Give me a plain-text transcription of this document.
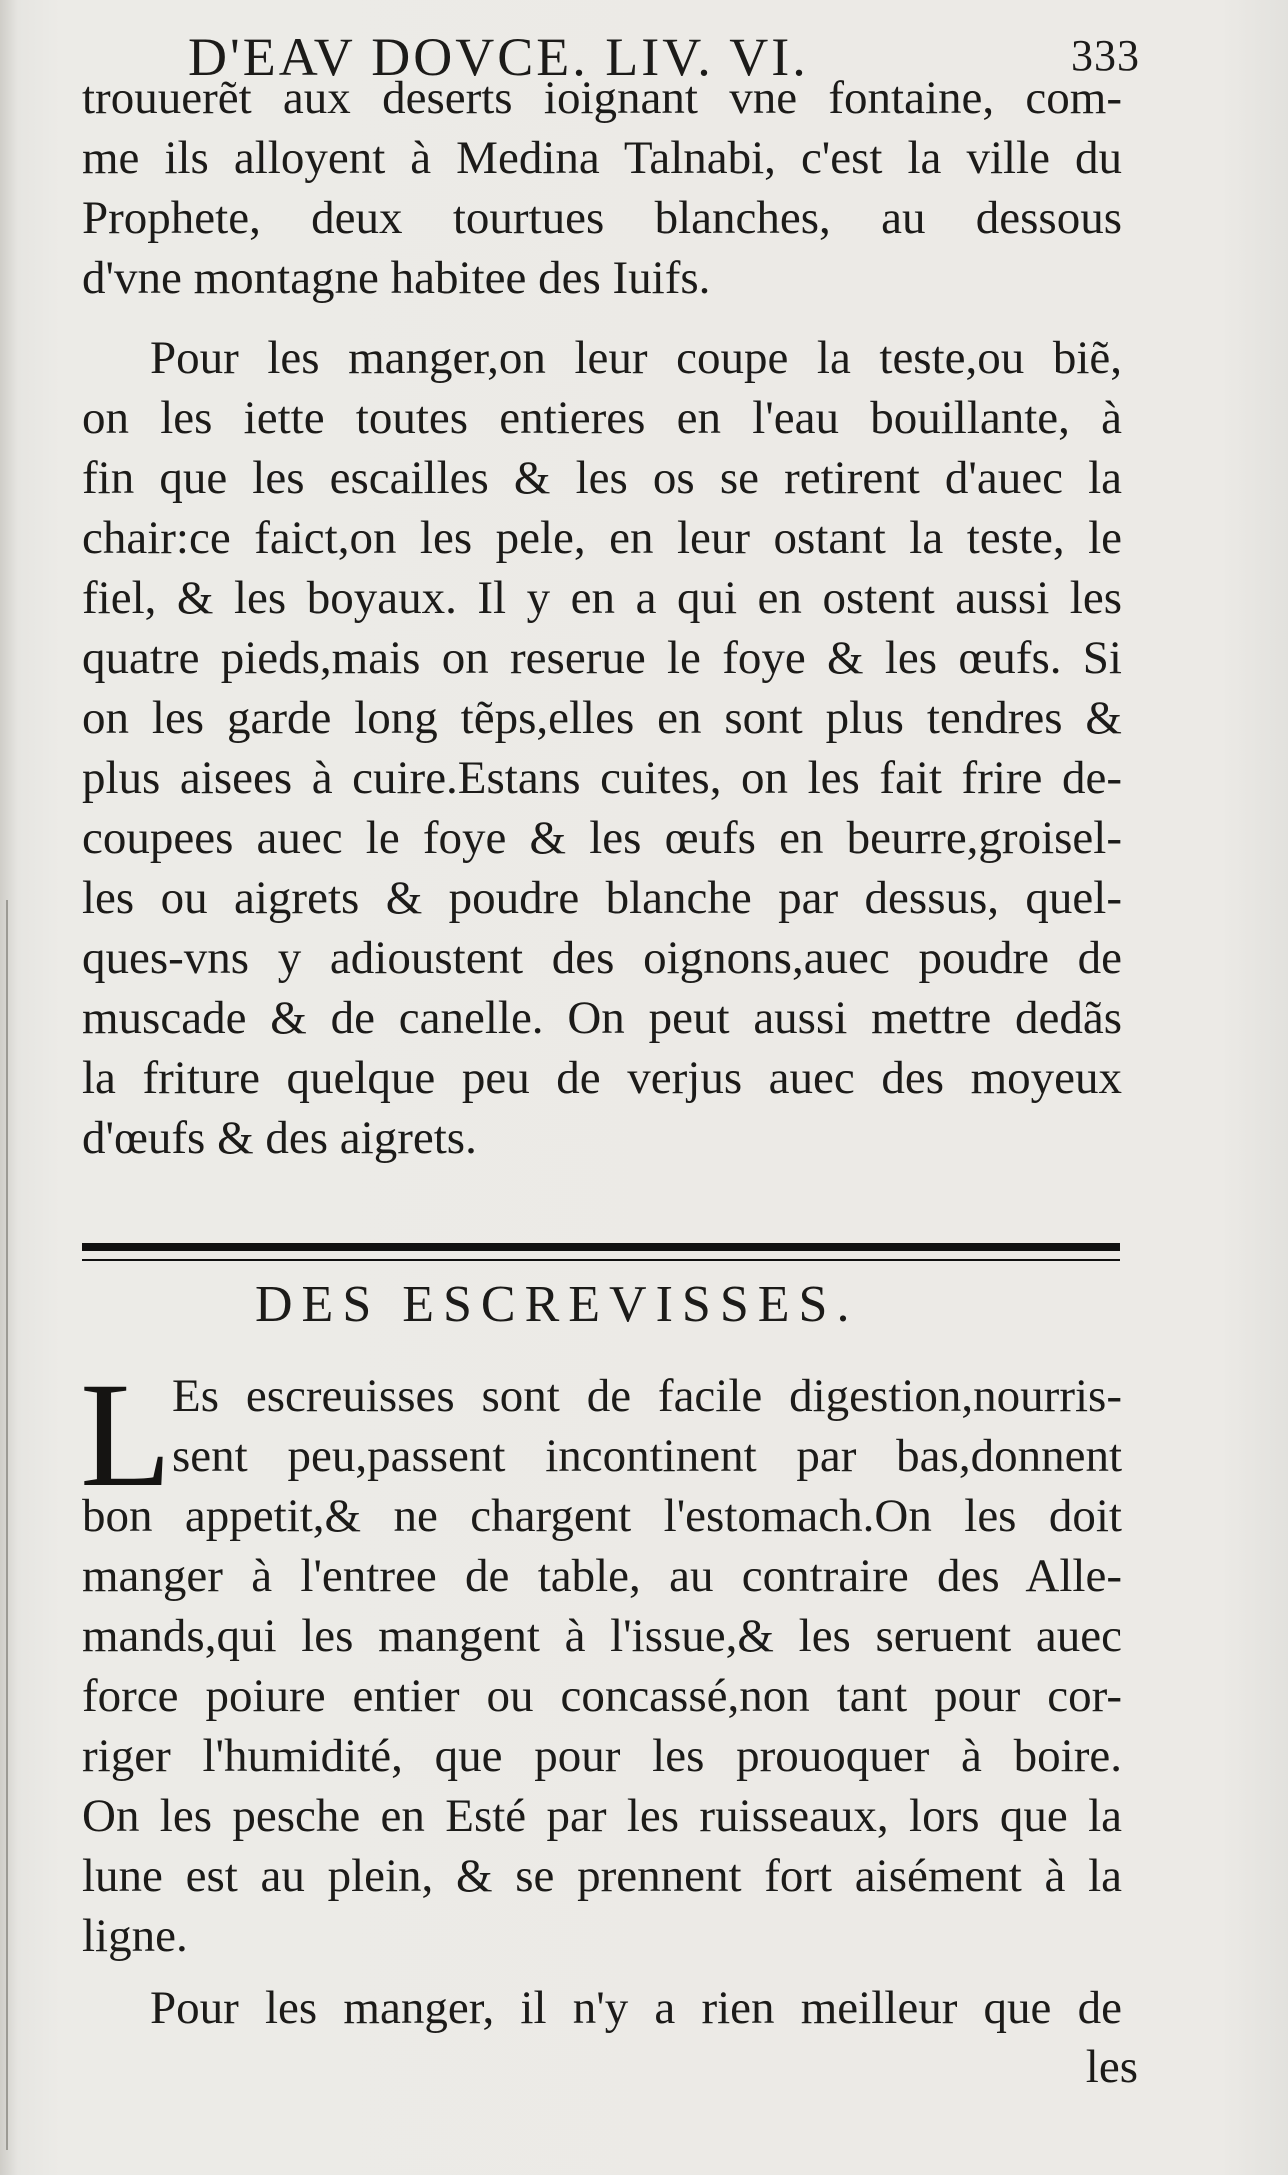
D'EAV DOVCE. LIV. VI.	333
trouuerẽt aux deserts ioignant vne fontaine, com-
me ils alloyent à Medina Talnabi, c'est la ville du
Prophete, deux tourtues blanches, au dessous
d'vne montagne habitee des Iuifs.
Pour les manger,on leur coupe la teste,ou biẽ,
on les iette toutes entieres en l'eau bouillante, à
fin que les escailles & les os se retirent d'auec la
chair:ce faict,on les pele, en leur ostant la teste, le
fiel, & les boyaux. Il y en a qui en ostent aussi les
quatre pieds,mais on reserue le foye & les œufs. Si
on les garde long tẽps,elles en sont plus tendres &
plus aisees à cuire.Estans cuites, on les fait frire de-
coupees auec le foye & les œufs en beurre,groisel-
les ou aigrets & poudre blanche par dessus, quel-
ques-vns y adioustent des oignons,auec poudre de
muscade & de canelle. On peut aussi mettre dedãs
la friture quelque peu de verjus auec des moyeux
d'œufs & des aigrets.
DES ESCREVISSES.
L Es escreuisses sont de facile digestion,nourris-
sent peu,passent incontinent par bas,donnent
bon appetit,& ne chargent l'estomach.On les doit
manger à l'entree de table, au contraire des Alle-
mands,qui les mangent à l'issue,& les seruent auec
force poiure entier ou concassé,non tant pour cor-
riger l'humidité, que pour les prouoquer à boire.
On les pesche en Esté par les ruisseaux, lors que la
lune est au plein, & se prennent fort aisément à la
ligne.
Pour les manger, il n'y a rien meilleur que de
les
